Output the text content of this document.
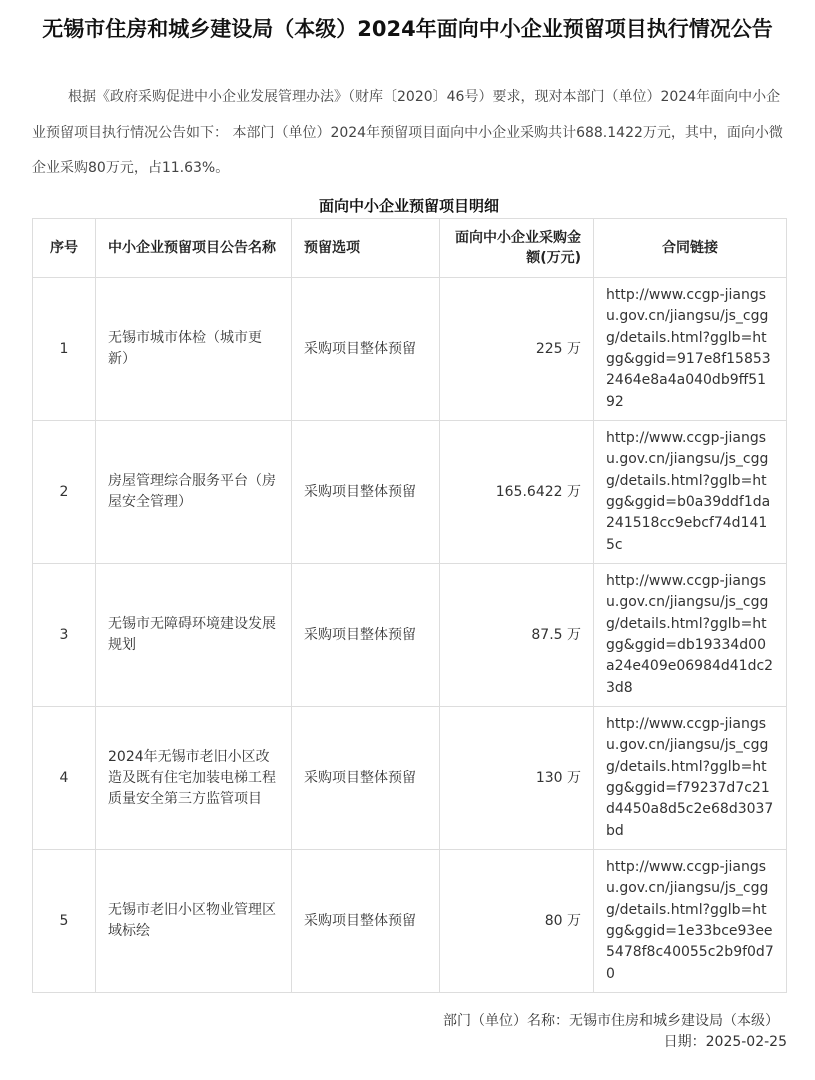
无锡市住房和城乡建设局（本级）2024年面向中小企业预留项目执行情况公告

根据《政府采购促进中小企业发展管理办法》（财库〔2020〕46号）要求，现对本部门（单位）2024年面向中小企业预留项目执行情况公告如下： 本部门（单位）2024年预留项目面向中小企业采购共计688.1422万元，其中，面向小微企业采购80万元，占11.63%。

面向中小企业预留项目明细
序号	中小企业预留项目公告名称	预留选项	面向中小企业采购金额(万元)	合同链接
1	无锡市城市体检（城市更新）	采购项目整体预留	225 万	http://www.ccgp-jiangsu.gov.cn/jiangsu/js_cggg/details.html?gglb=htgg&ggid=917e8f158532464e8a4a040db9ff5192
2	房屋管理综合服务平台（房屋安全管理）	采购项目整体预留	165.6422 万	http://www.ccgp-jiangsu.gov.cn/jiangsu/js_cggg/details.html?gglb=htgg&ggid=b0a39ddf1da241518cc9ebcf74d1415c
3	无锡市无障碍环境建设发展规划	采购项目整体预留	87.5 万	http://www.ccgp-jiangsu.gov.cn/jiangsu/js_cggg/details.html?gglb=htgg&ggid=db19334d00a24e409e06984d41dc23d8
4	2024年无锡市老旧小区改造及既有住宅加装电梯工程质量安全第三方监管项目	采购项目整体预留	130 万	http://www.ccgp-jiangsu.gov.cn/jiangsu/js_cggg/details.html?gglb=htgg&ggid=f79237d7c21d4450a8d5c2e68d3037bd
5	无锡市老旧小区物业管理区域标绘	采购项目整体预留	80 万	http://www.ccgp-jiangsu.gov.cn/jiangsu/js_cggg/details.html?gglb=htgg&ggid=1e33bce93ee5478f8c40055c2b9f0d70
部门（单位）名称：无锡市住房和城乡建设局（本级）
日期：2025-02-25
